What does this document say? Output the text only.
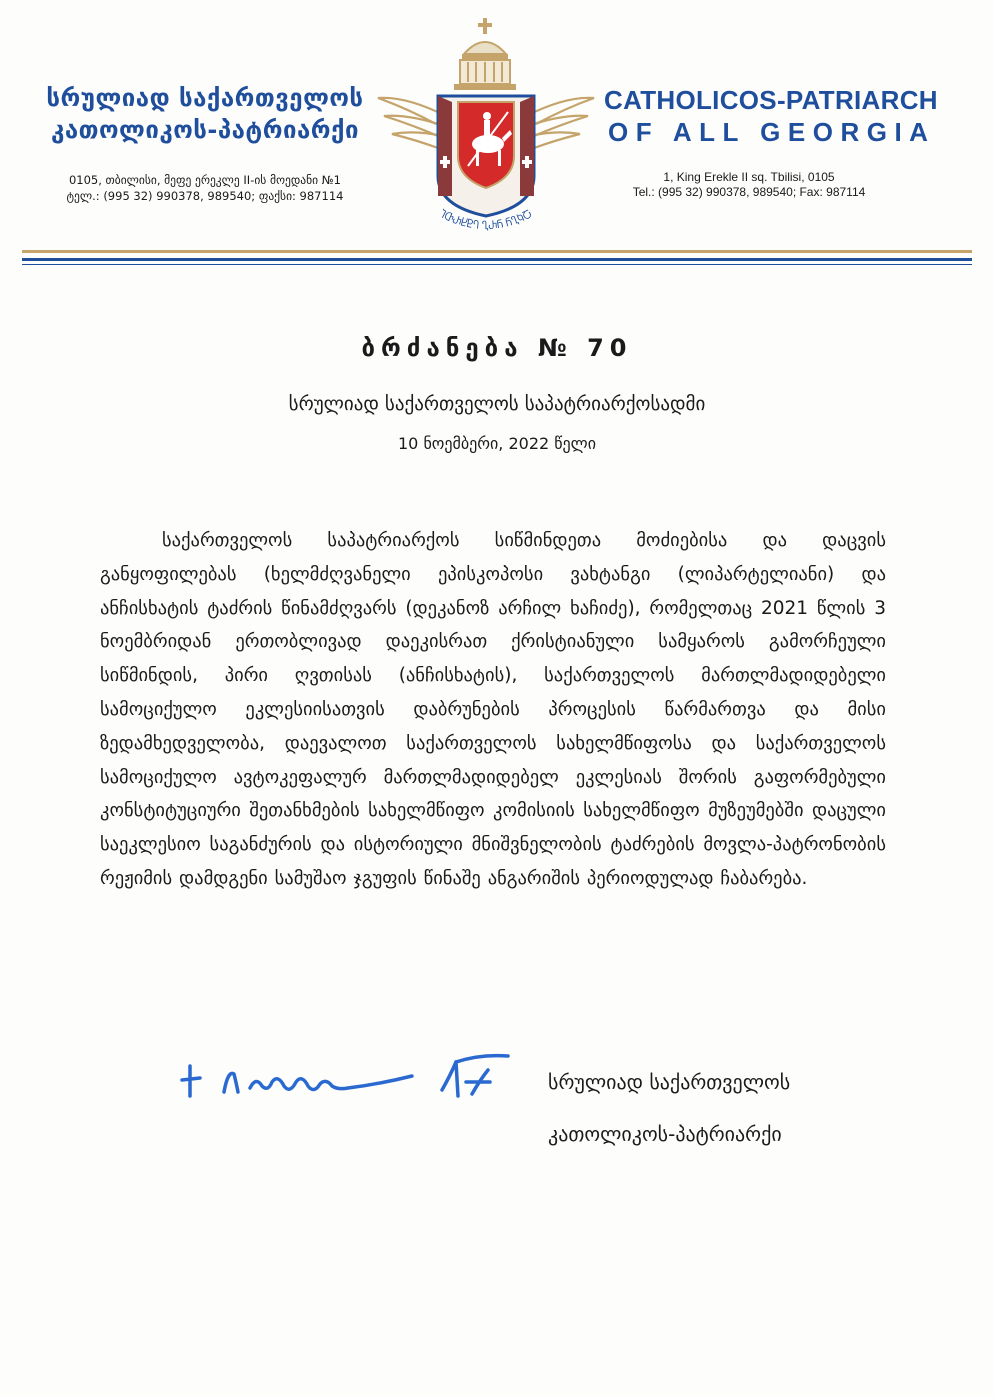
სრულიად საქართველოს
კათოლიკოს-პატრიარქი
0105, თბილისი, მეფე ერეკლე II-ის მოედანი №1
ტელ.: (995 32) 990378, 989540; ფაქსი: 987114
ႨႧႰႾႲႤ ႢႰႬ ႬႢႩႠ
CATHOLICOS-PATRIARCH
OF ALL GEORGIA
1, King Erekle II sq. Tbilisi, 0105
Tel.: (995 32) 990378, 989540; Fax: 987114
ბრძანება № 70
სრულიად საქართველოს საპატრიარქოსადმი
10 ნოემბერი, 2022 წელი
საქართველოს საპატრიარქოს სიწმინდეთა მოძიებისა და დაცვის განყოფილებას (ხელმძღვანელი ეპისკოპოსი ვახტანგი (ლიპარტელიანი) და ანჩისხატის ტაძრის წინამძღვარს (დეკანოზ არჩილ ხაჩიძე), რომელთაც 2021 წლის 3 ნოემბრიდან ერთობლივად დაეკისრათ ქრისტიანული სამყაროს გამორჩეული სიწმინდის, პირი ღვთისას (ანჩისხატის), საქართველოს მართლმადიდებელი სამოციქულო ეკლესიისათვის დაბრუნების პროცესის წარმართვა და მისი ზედამხედველობა, დაევალოთ საქართველოს სახელმწიფოსა და საქართველოს სამოციქულო ავტოკეფალურ მართლმადიდებელ ეკლესიას შორის გაფორმებული კონსტიტუციური შეთანხმების სახელმწიფო კომისიის სახელმწიფო მუზეუმებში დაცული საეკლესიო საგანძურის და ისტორიული მნიშვნელობის ტაძრების მოვლა-პატრონობის რეჟიმის დამდგენი სამუშაო ჯგუფის წინაშე ანგარიშის პერიოდულად ჩაბარება.
სრულიად საქართველოს
კათოლიკოს-პატრიარქი
